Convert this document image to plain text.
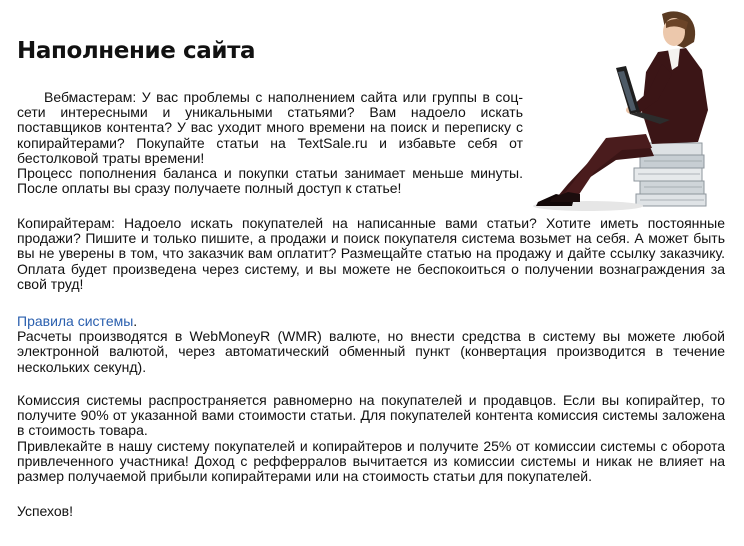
Наполнение сайта

Вебмастерам: У вас проблемы с наполнением сайта или группы в соц-сети интересными и уникальными статьями? Вам надоело искать поставщиков контента? У вас уходит много времени на поиск и переписку с копирайтерами? Покупайте статьи на TextSale.ru и избавьте себя от бестолковой траты времени!

Процесс пополнения баланса и покупки статьи занимает меньше минуты. После оплаты вы сразу получаете полный доступ к статье!

Копирайтерам: Надоело искать покупателей на написанные вами статьи? Хотите иметь постоянные продажи? Пишите и только пишите, а продажи и поиск покупателя система возьмет на себя. А может быть вы не уверены в том, что заказчик вам оплатит? Размещайте статью на продажу и дайте ссылку заказчику. Оплата будет произведена через систему, и вы можете не беспокоиться о получении вознаграждения за свой труд!

Правила системы.
Расчеты производятся в WebMoneyR (WMR) валюте, но внести средства в систему вы можете любой электронной валютой, через автоматический обменный пункт (конвертация производится в течение нескольких секунд).
Комиссия системы распространяется равномерно на покупателей и продавцов. Если вы копирайтер, то получите 90% от указанной вами стоимости статьи. Для покупателей контента комиссия системы заложена в стоимость товара.
Привлекайте в нашу систему покупателей и копирайтеров и получите 25% от комиссии системы с оборота привлеченного участника! Доход с рефферралов вычитается из комиссии системы и никак не влияет на размер получаемой прибыли копирайтерами или на стоимость статьи для покупателей.

Успехов!
